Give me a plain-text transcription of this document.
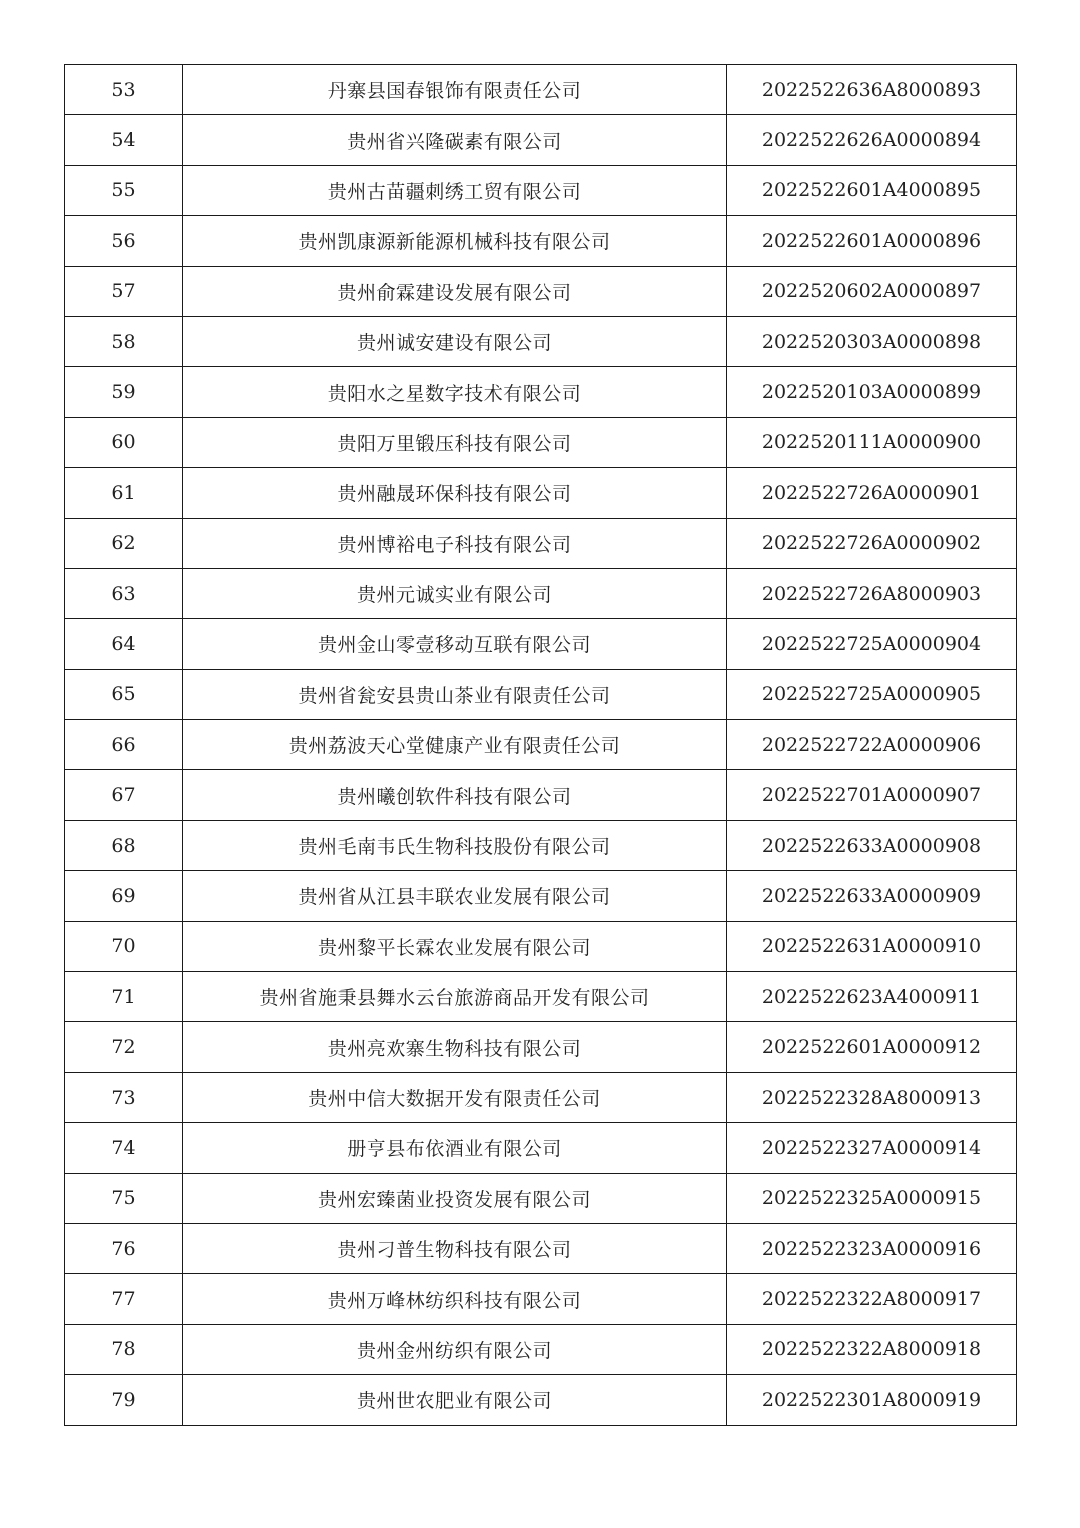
53	丹寨县国春银饰有限责任公司	2022522636A8000893
54	贵州省兴隆碳素有限公司	2022522626A0000894
55	贵州古苗疆刺绣工贸有限公司	2022522601A4000895
56	贵州凯康源新能源机械科技有限公司	2022522601A0000896
57	贵州俞霖建设发展有限公司	2022520602A0000897
58	贵州诚安建设有限公司	2022520303A0000898
59	贵阳水之星数字技术有限公司	2022520103A0000899
60	贵阳万里锻压科技有限公司	2022520111A0000900
61	贵州融晟环保科技有限公司	2022522726A0000901
62	贵州博裕电子科技有限公司	2022522726A0000902
63	贵州元诚实业有限公司	2022522726A8000903
64	贵州金山零壹移动互联有限公司	2022522725A0000904
65	贵州省瓮安县贵山茶业有限责任公司	2022522725A0000905
66	贵州荔波天心堂健康产业有限责任公司	2022522722A0000906
67	贵州曦创软件科技有限公司	2022522701A0000907
68	贵州毛南韦氏生物科技股份有限公司	2022522633A0000908
69	贵州省从江县丰联农业发展有限公司	2022522633A0000909
70	贵州黎平长霖农业发展有限公司	2022522631A0000910
71	贵州省施秉县舞水云台旅游商品开发有限公司	2022522623A4000911
72	贵州亮欢寨生物科技有限公司	2022522601A0000912
73	贵州中信大数据开发有限责任公司	2022522328A8000913
74	册亨县布依酒业有限公司	2022522327A0000914
75	贵州宏臻菌业投资发展有限公司	2022522325A0000915
76	贵州刁普生物科技有限公司	2022522323A0000916
77	贵州万峰林纺织科技有限公司	2022522322A8000917
78	贵州金州纺织有限公司	2022522322A8000918
79	贵州世农肥业有限公司	2022522301A8000919
